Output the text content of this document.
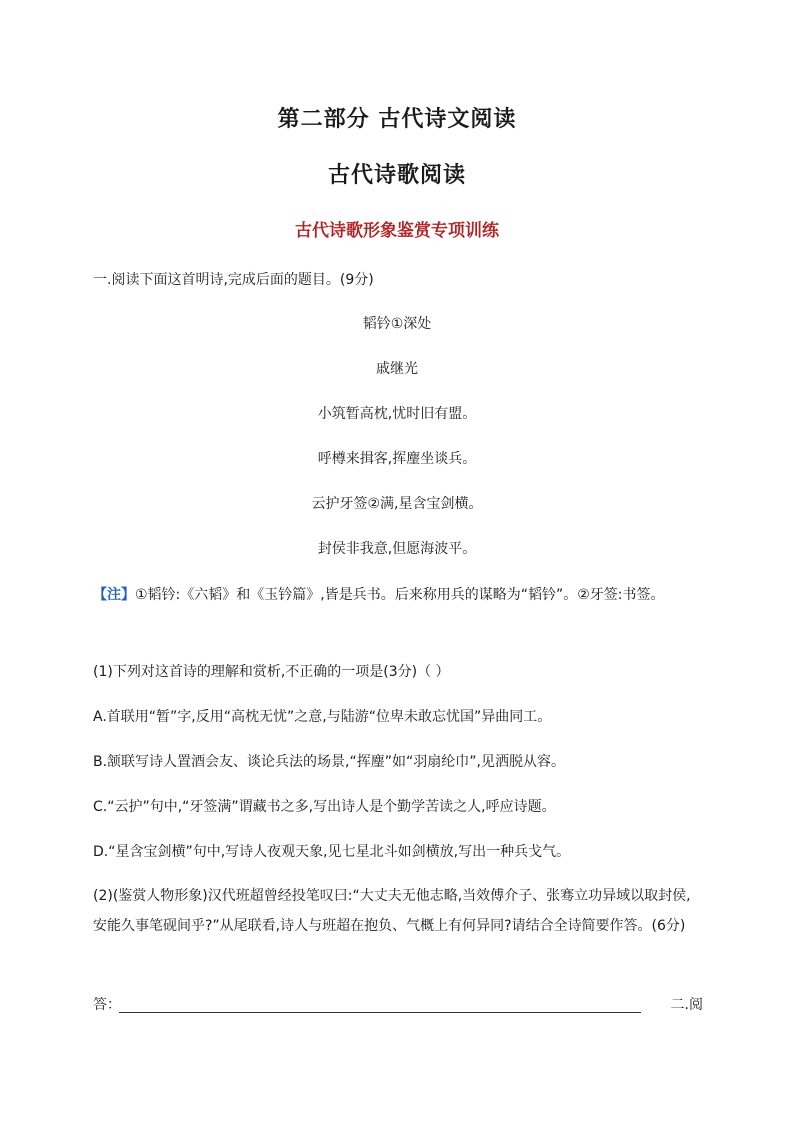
第二部分 古代诗文阅读
古代诗歌阅读
古代诗歌形象鉴赏专项训练
一.阅读下面这首明诗,完成后面的题目。(9分)
韬钤①深处
戚继光
小筑暂高枕,忧时旧有盟。
呼樽来揖客,挥麈坐谈兵。
云护牙签②满,星含宝剑横。
封侯非我意,但愿海波平。
【注】①韬钤:《六韬》和《玉钤篇》,皆是兵书。后来称用兵的谋略为“韬钤”。②牙签:书签。
(1)下列对这首诗的理解和赏析,不正确的一项是(3分)（ ）
A.首联用“暂”字,反用“高枕无忧”之意,与陆游“位卑未敢忘忧国”异曲同工。
B.颔联写诗人置酒会友、谈论兵法的场景,“挥麈”如“羽扇纶巾”,见洒脱从容。
C.“云护”句中,“牙签满”谓藏书之多,写出诗人是个勤学苦读之人,呼应诗题。
D.“星含宝剑横”句中,写诗人夜观天象,见七星北斗如剑横放,写出一种兵戈气。
(2)(鉴赏人物形象)汉代班超曾经投笔叹曰:“大丈夫无他志略,当效傅介子、张骞立功异域以取封侯,安能久事笔砚间乎?”从尾联看,诗人与班超在抱负、气概上有何异同?请结合全诗简要作答。(6分)
答：	二.阅
